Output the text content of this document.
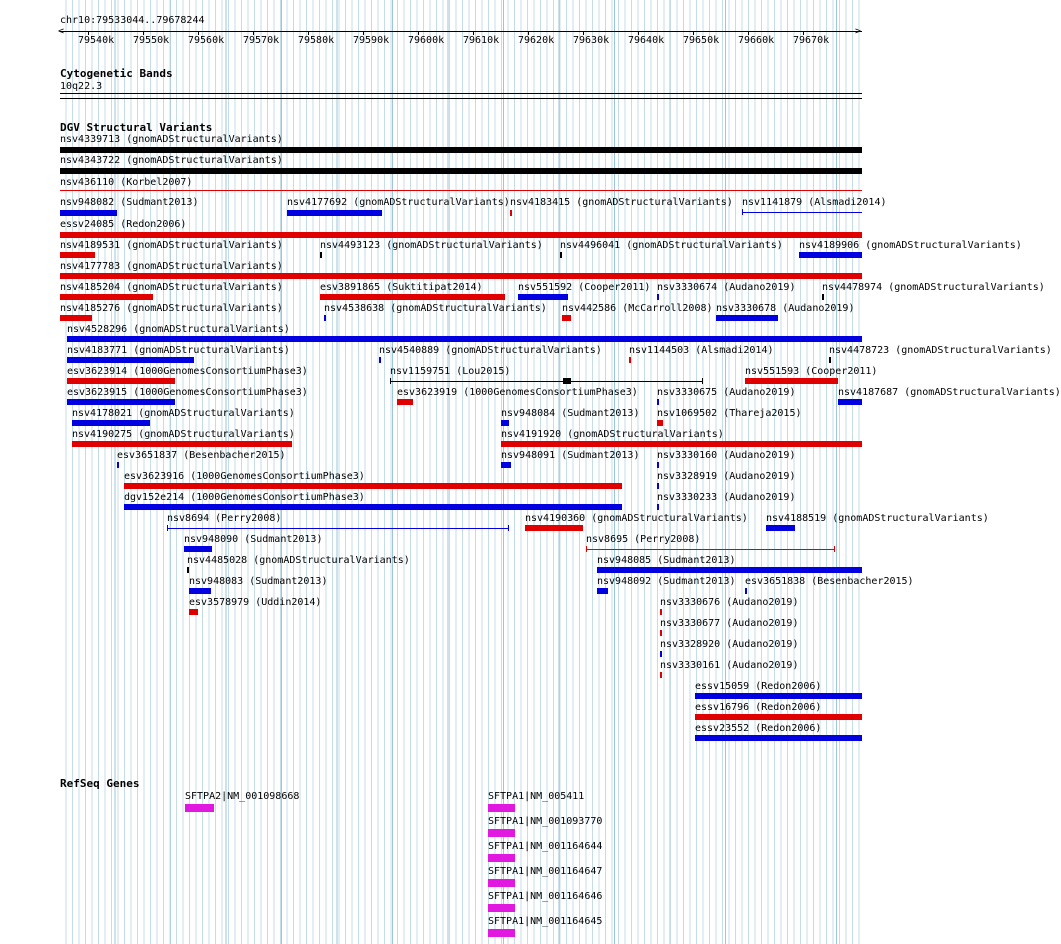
chr10:79533044..79678244
<	>
79540k 79550k 79560k 79570k 79580k 79590k 79600k 79610k 79620k 79630k 79640k 79650k 79660k 79670k
Cytogenetic Bands
10q22.3
DGV Structural Variants
nsv4339713 (gnomADStructuralVariants)
nsv4343722 (gnomADStructuralVariants)
nsv436110 (Korbel2007)
nsv948082 (Sudmant2013)	nsv4177692 (gnomADStructuralVariants) nsv4183415 (gnomADStructuralVariants) nsv1141879 (Alsmadi2014)
essv24085 (Redon2006)
nsv4189531 (gnomADStructuralVariants)	nsv4493123 (gnomADStructuralVariants) nsv4496041 (gnomADStructuralVariants) nsv4189906 (gnomADStructuralVariants)
nsv4177783 (gnomADStructuralVariants)
nsv4185204 (gnomADStructuralVariants)	esv3891865 (Suktitipat2014)	nsv551592 (Cooper2011) nsv3330674 (Audano2019)	nsv4478974 (gnomADStructuralVariants)
nsv4185276 (gnomADStructuralVariants)	nsv4538638 (gnomADStructuralVariants) nsv442586 (McCarroll2008) nsv3330678 (Audano2019)
nsv4528296 (gnomADStructuralVariants)
nsv4183771 (gnomADStructuralVariants)	nsv4540889 (gnomADStructuralVariants)	nsv1144503 (Alsmadi2014)	nsv4478723 (gnomADStructuralVariants)
esv3623914 (1000GenomesConsortiumPhase3)	nsv1159751 (Lou2015)	nsv551593 (Cooper2011)
esv3623915 (1000GenomesConsortiumPhase3)	esv3623919 (1000GenomesConsortiumPhase3) nsv3330675 (Audano2019)	nsv4187687 (gnomADStructuralVariants)
nsv4178021 (gnomADStructuralVariants)	nsv948084 (Sudmant2013) nsv1069502 (Thareja2015)
nsv4190275 (gnomADStructuralVariants)	nsv4191920 (gnomADStructuralVariants)
esv3651837 (Besenbacher2015)	nsv948091 (Sudmant2013) nsv3330160 (Audano2019)
esv3623916 (1000GenomesConsortiumPhase3)	nsv3328919 (Audano2019)
dgv152e214 (1000GenomesConsortiumPhase3)	nsv3330233 (Audano2019)
nsv8694 (Perry2008)	nsv4190360 (gnomADStructuralVariants) nsv4188519 (gnomADStructuralVariants)
nsv948090 (Sudmant2013)	nsv8695 (Perry2008)
nsv4485028 (gnomADStructuralVariants)	nsv948085 (Sudmant2013)
nsv948083 (Sudmant2013)	nsv948092 (Sudmant2013) esv3651838 (Besenbacher2015)
esv3578979 (Uddin2014)	nsv3330676 (Audano2019)
nsv3330677 (Audano2019)
nsv3328920 (Audano2019)
nsv3330161 (Audano2019)
essv15059 (Redon2006)
essv16796 (Redon2006)
essv23552 (Redon2006)
RefSeq Genes
SFTPA2|NM_001098668	SFTPA1|NM_005411
SFTPA1|NM_001093770
SFTPA1|NM_001164644
SFTPA1|NM_001164647
SFTPA1|NM_001164646
SFTPA1|NM_001164645
